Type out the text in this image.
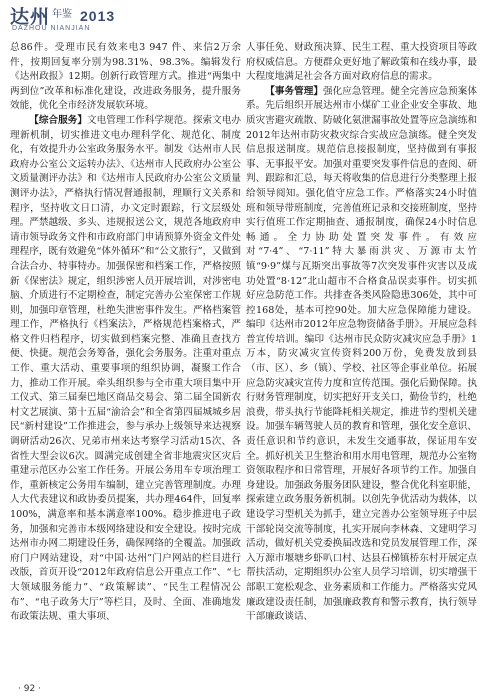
达州 年鉴 2013
DAZHOU NIANJIAN

总86件。受理市民有效来电3 947 件、来信2万余件，按期回复率分别为98.31%、98.3%。编辑发行《达州政报》12期。创新行政管理方式。推进“两集中两到位”改革和标准化建设，改进政务服务，提升服务效能，优化全市经济发展软环境。

【综合服务】文电管理工作科学规范。探索文电办理新机制，切实推进文电办理科学化、规范化、制度化，有效提升办公室政务服务水平。制发《达州市人民政府办公室公文运转办法》、《达州市人民政府办公室公文质量测评办法》和《达州市人民政府办公室公文质量测评办法》，严格执行情况督通报制，理顺行文关系和程序，坚持收文日口清，办文定时跟踪，行文层级处理。严禁越级、多头、违规报送公文，规范各地政府申请市领导政务文件和市政府部门申请预算外资金文件处理程序，既有效避免“体外循环”和“公文旅行”，又做到合法合办、特事特办。加强保密和档案工作，严格按照新《保密法》规定，组织涉密人员开展培训，对涉密电脑、介质进行不定期检查，制定完善办公室保密工作规则，加强印章管理，杜绝失泄密事件发生。严格档案管理工作，严格执行《档案法》，严格规范档案格式，严格文件归档程序，切实做到档案完整、准确且查找方便、快捷。规范会务筹备，强化会务服务。注重对重点工作、重大活动、重要事项的组织协调，凝聚工作合力，推动工作开展。牵头组织参与全市重大项目集中开工仪式、第三届秦巴地区商品交易会、第二届全国新农村文艺展演、第十五届“渝洽会”和全省第四届城城乡居民“新村建设”工作推进会，参与承办上级领导来达视察调研活动26次、兄弟市州来达考察学习活动15次、各省性大型会议6次。圆满完成创建全省非地震灾区灾后重建示范区办公室工作任务。开展公务用车专项治理工作，重新核定公务用车编制，建立完善管理制度。办理人大代表建议和政协委员提案，共办理464件，回复率100%，满意率和基本满意率100%。稳步推进电子政务，加强和完善市本级网络建设和安全建设。按时完成达州市办网二期建设任务，确保网络的全覆盖。加强政府门户网站建设，对“中国·达州”门户网站的栏目进行改版，首页开设“2012年政府信息公开重点工作”、“七大领域服务能力”、“政策解读”、“民生工程情况公布”、“电子政务大厅”等栏目，及时、全面、准确地发布政策法规、重大事项、

人事任免、财政预决算、民生工程、重大投资项目等政府权威信息。方便群众更好地了解政策和在线办事，最大程度地满足社会各方面对政府信息的需求。

【事务管理】强化应急管理。健全完善应急预案体系。先后组织开展达州市小煤矿工业企业安全事故、地质灾害避灾疏散、防破化氨泄漏事故处置等应急演练和2012年达州市防灾救灾综合实战应急演练。健全突发信息报送制度。规范信息接报制度，坚持做到有事报事、无事报平安。加强对重要突发事件信息的查阅、研判、跟踪和汇总，每天将收集的信息进行分类整理上报给领导阅知。强化值守应急工作。严格落实24小时值班和领导带班制度，完善值班记录和交接班制度，坚持实行值班工作定期抽查、通报制度，确保24小时信息畅通。全力协助处置突发事件。有效应对“7·4”、“7·11”特大暴雨洪灾、万源市太竹镇“9·9”煤与瓦斯突出事故等7次突发事件灾害以及成功处置“8·12”北山超市不合格食品误卖事件。切实抓好应急防范工作。共排查各类风险隐患306处，其中可控168处，基本可控90处。加大应急保障能力建设。编印《达州市2012年应急物资储备手册》。开展应急科普宣传培训。编印《达州市民众防灾减灾应急手册》1万本，防灾减灾宣传资料200万份，免费发放到县（市、区）、乡（镇）、学校、社区等企事业单位。拓展应急防灾减灾宣传力度和宣传范围。强化后勤保障。执行财务管理制度，切实把好开支关口，勤俭节约，杜绝浪费，带头执行节能降耗相关规定，推进节约型机关建设。加强车辆驾驶人员的教育和管理，强化安全意识、责任意识和节约意识，未发生交通事故，保证用车安全。抓好机关卫生整治和用水用电管理，规范办公室物资领取程序和日常管理，开展好各项节约工作。加强自身建设。加强政务服务团队建设，整合优化科室职能，探索建立政务服务新机制。以创先争优活动为载体，以建设学习型机关为抓手，建立完善办公室领导班子中层干部轮岗交流等制度，扎实开展向李林森、文建明学习活动，做好机关党委换届改选和党员发展管理工作，深入万源市堰塘乡虾叭口村、达县石梯镇桥东村开展定点帮扶活动，定期组织办公室人员学习培训，切实增强干部职工宽松观念、业务素质和工作能力。严格落实党风廉政建设责任制，加强廉政教育和警示教育，执行领导干部廉政谈话、

· 92 ·
